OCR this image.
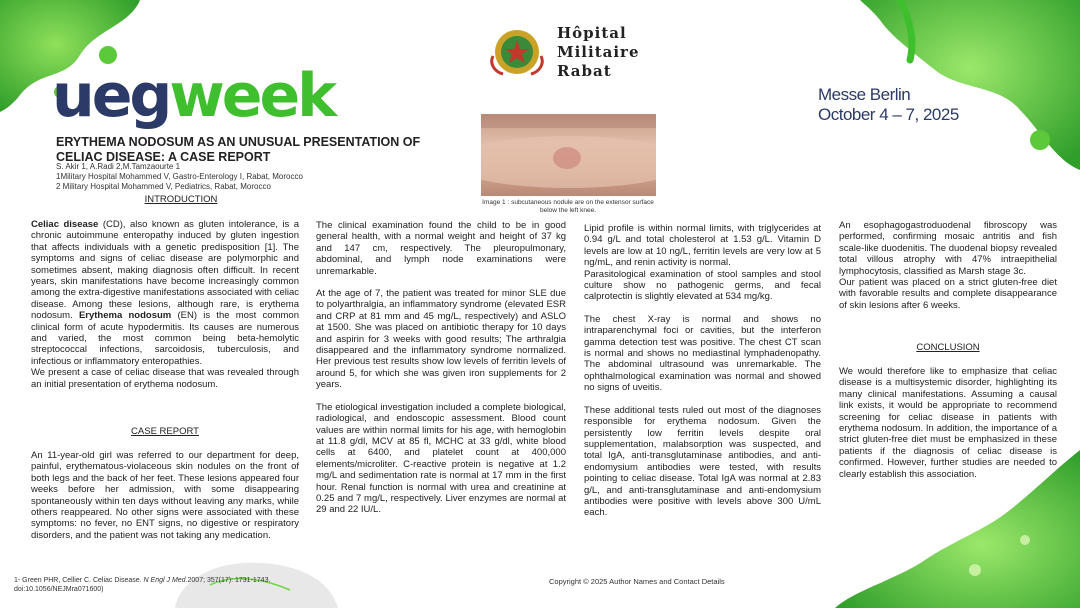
Hôpital
Militaire
Rabat
uegweek	Messe Berlin
October 4 – 7, 2025
ERYTHEMA NODOSUM AS AN UNUSUAL PRESENTATION OF
CELIAC DISEASE: A CASE REPORT
S. Akir 1, A.Radi 2,M.Tamzaourte 1
1Military Hospital Mohammed V, Gastro-Enterology I, Rabat, Morocco
2 Military Hospital Mohammed V, Pediatrics, Rabat, Morocco
Image 1 : subcutaneous nodule are on the extensor surface below the left knee.
INTRODUCTION

Celiac disease (CD), also known as gluten intolerance, is a chronic autoimmune enteropathy induced by gluten ingestion that affects individuals with a genetic predisposition [1]. The symptoms and signs of celiac disease are polymorphic and sometimes absent, making diagnosis often difficult. In recent years, skin manifestations have become increasingly common among the extra-digestive manifestations associated with celiac disease. Among these lesions, although rare, is erythema nodosum. Erythema nodosum (EN) is the most common clinical form of acute hypodermitis. Its causes are numerous and varied, the most common being beta-hemolytic streptococcal infections, sarcoidosis, tuberculosis, and infectious or inflammatory enteropathies.

We present a case of celiac disease that was revealed through an initial presentation of erythema nodosum.

CASE REPORT

An 11-year-old girl was referred to our department for deep, painful, erythematous-violaceous skin nodules on the front of both legs and the back of her feet. These lesions appeared four weeks before her admission, with some disappearing spontaneously within ten days without leaving any marks, while others reappeared. No other signs were associated with these symptoms: no fever, no ENT signs, no digestive or respiratory disorders, and the patient was not taking any medication.

The clinical examination found the child to be in good general health, with a normal weight and height of 37 kg and 147 cm, respectively. The pleuropulmonary, abdominal, and lymph node examinations were unremarkable.

At the age of 7, the patient was treated for minor SLE due to polyarthralgia, an inflammatory syndrome (elevated ESR and CRP at 81 mm and 45 mg/L, respectively) and ASLO at 1500. She was placed on antibiotic therapy for 10 days and aspirin for 3 weeks with good results; The arthralgia disappeared and the inflammatory syndrome normalized. Her previous test results show low levels of ferritin levels of around 5, for which she was given iron supplements for 2 years.

The etiological investigation included a complete biological, radiological, and endoscopic assessment. Blood count values are within normal limits for his age, with hemoglobin at 11.8 g/dl, MCV at 85 fl, MCHC at 33 g/dl, white blood cells at 6400, and platelet count at 400,000 elements/microliter. C-reactive protein is negative at 1.2 mg/L and sedimentation rate is normal at 17 mm in the first hour. Renal function is normal with urea and creatinine at 0.25 and 7 mg/L, respectively. Liver enzymes are normal at 29 and 22 IU/L.

Lipid profile is within normal limits, with triglycerides at 0.94 g/L and total cholesterol at 1.53 g/L. Vitamin D levels are low at 10 ng/L, ferritin levels are very low at 5 ng/mL, and renin activity is normal.

Parasitological examination of stool samples and stool culture show no pathogenic germs, and fecal calprotectin is slightly elevated at 534 mg/kg.

The chest X-ray is normal and shows no intraparenchymal foci or cavities, but the interferon gamma detection test was positive. The chest CT scan is normal and shows no mediastinal lymphadenopathy. The abdominal ultrasound was unremarkable. The ophthalmological examination was normal and showed no signs of uveitis.

These additional tests ruled out most of the diagnoses responsible for erythema nodosum. Given the persistently low ferritin levels despite oral supplementation, malabsorption was suspected, and total IgA, anti-transglutaminase antibodies, and anti-endomysium antibodies were tested, with results pointing to celiac disease. Total IgA was normal at 2.83 g/L, and anti-transglutaminase and anti-endomysium antibodies were positive with levels above 300 U/mL each.

An esophagogastroduodenal fibroscopy was performed, confirming mosaic antritis and fish scale-like duodenitis. The duodenal biopsy revealed total villous atrophy with 47% intraepithelial lymphocytosis, classified as Marsh stage 3c.

Our patient was placed on a strict gluten-free diet with favorable results and complete disappearance of skin lesions after 6 weeks.

CONCLUSION

We would therefore like to emphasize that celiac disease is a multisystemic disorder, highlighting its many clinical manifestations. Assuming a causal link exists, it would be appropriate to recommend screening for celiac disease in patients with erythema nodosum. In addition, the importance of a strict gluten-free diet must be emphasized in these patients if the diagnosis of celiac disease is confirmed. However, further studies are needed to clearly establish this association.

1- Green PHR, Cellier C. Celiac Disease. N Engl J Med.2007; 357(17): 1731-1743.
doi:10.1056/NEJMra071600)
Copyright © 2025 Author Names and Contact Details
